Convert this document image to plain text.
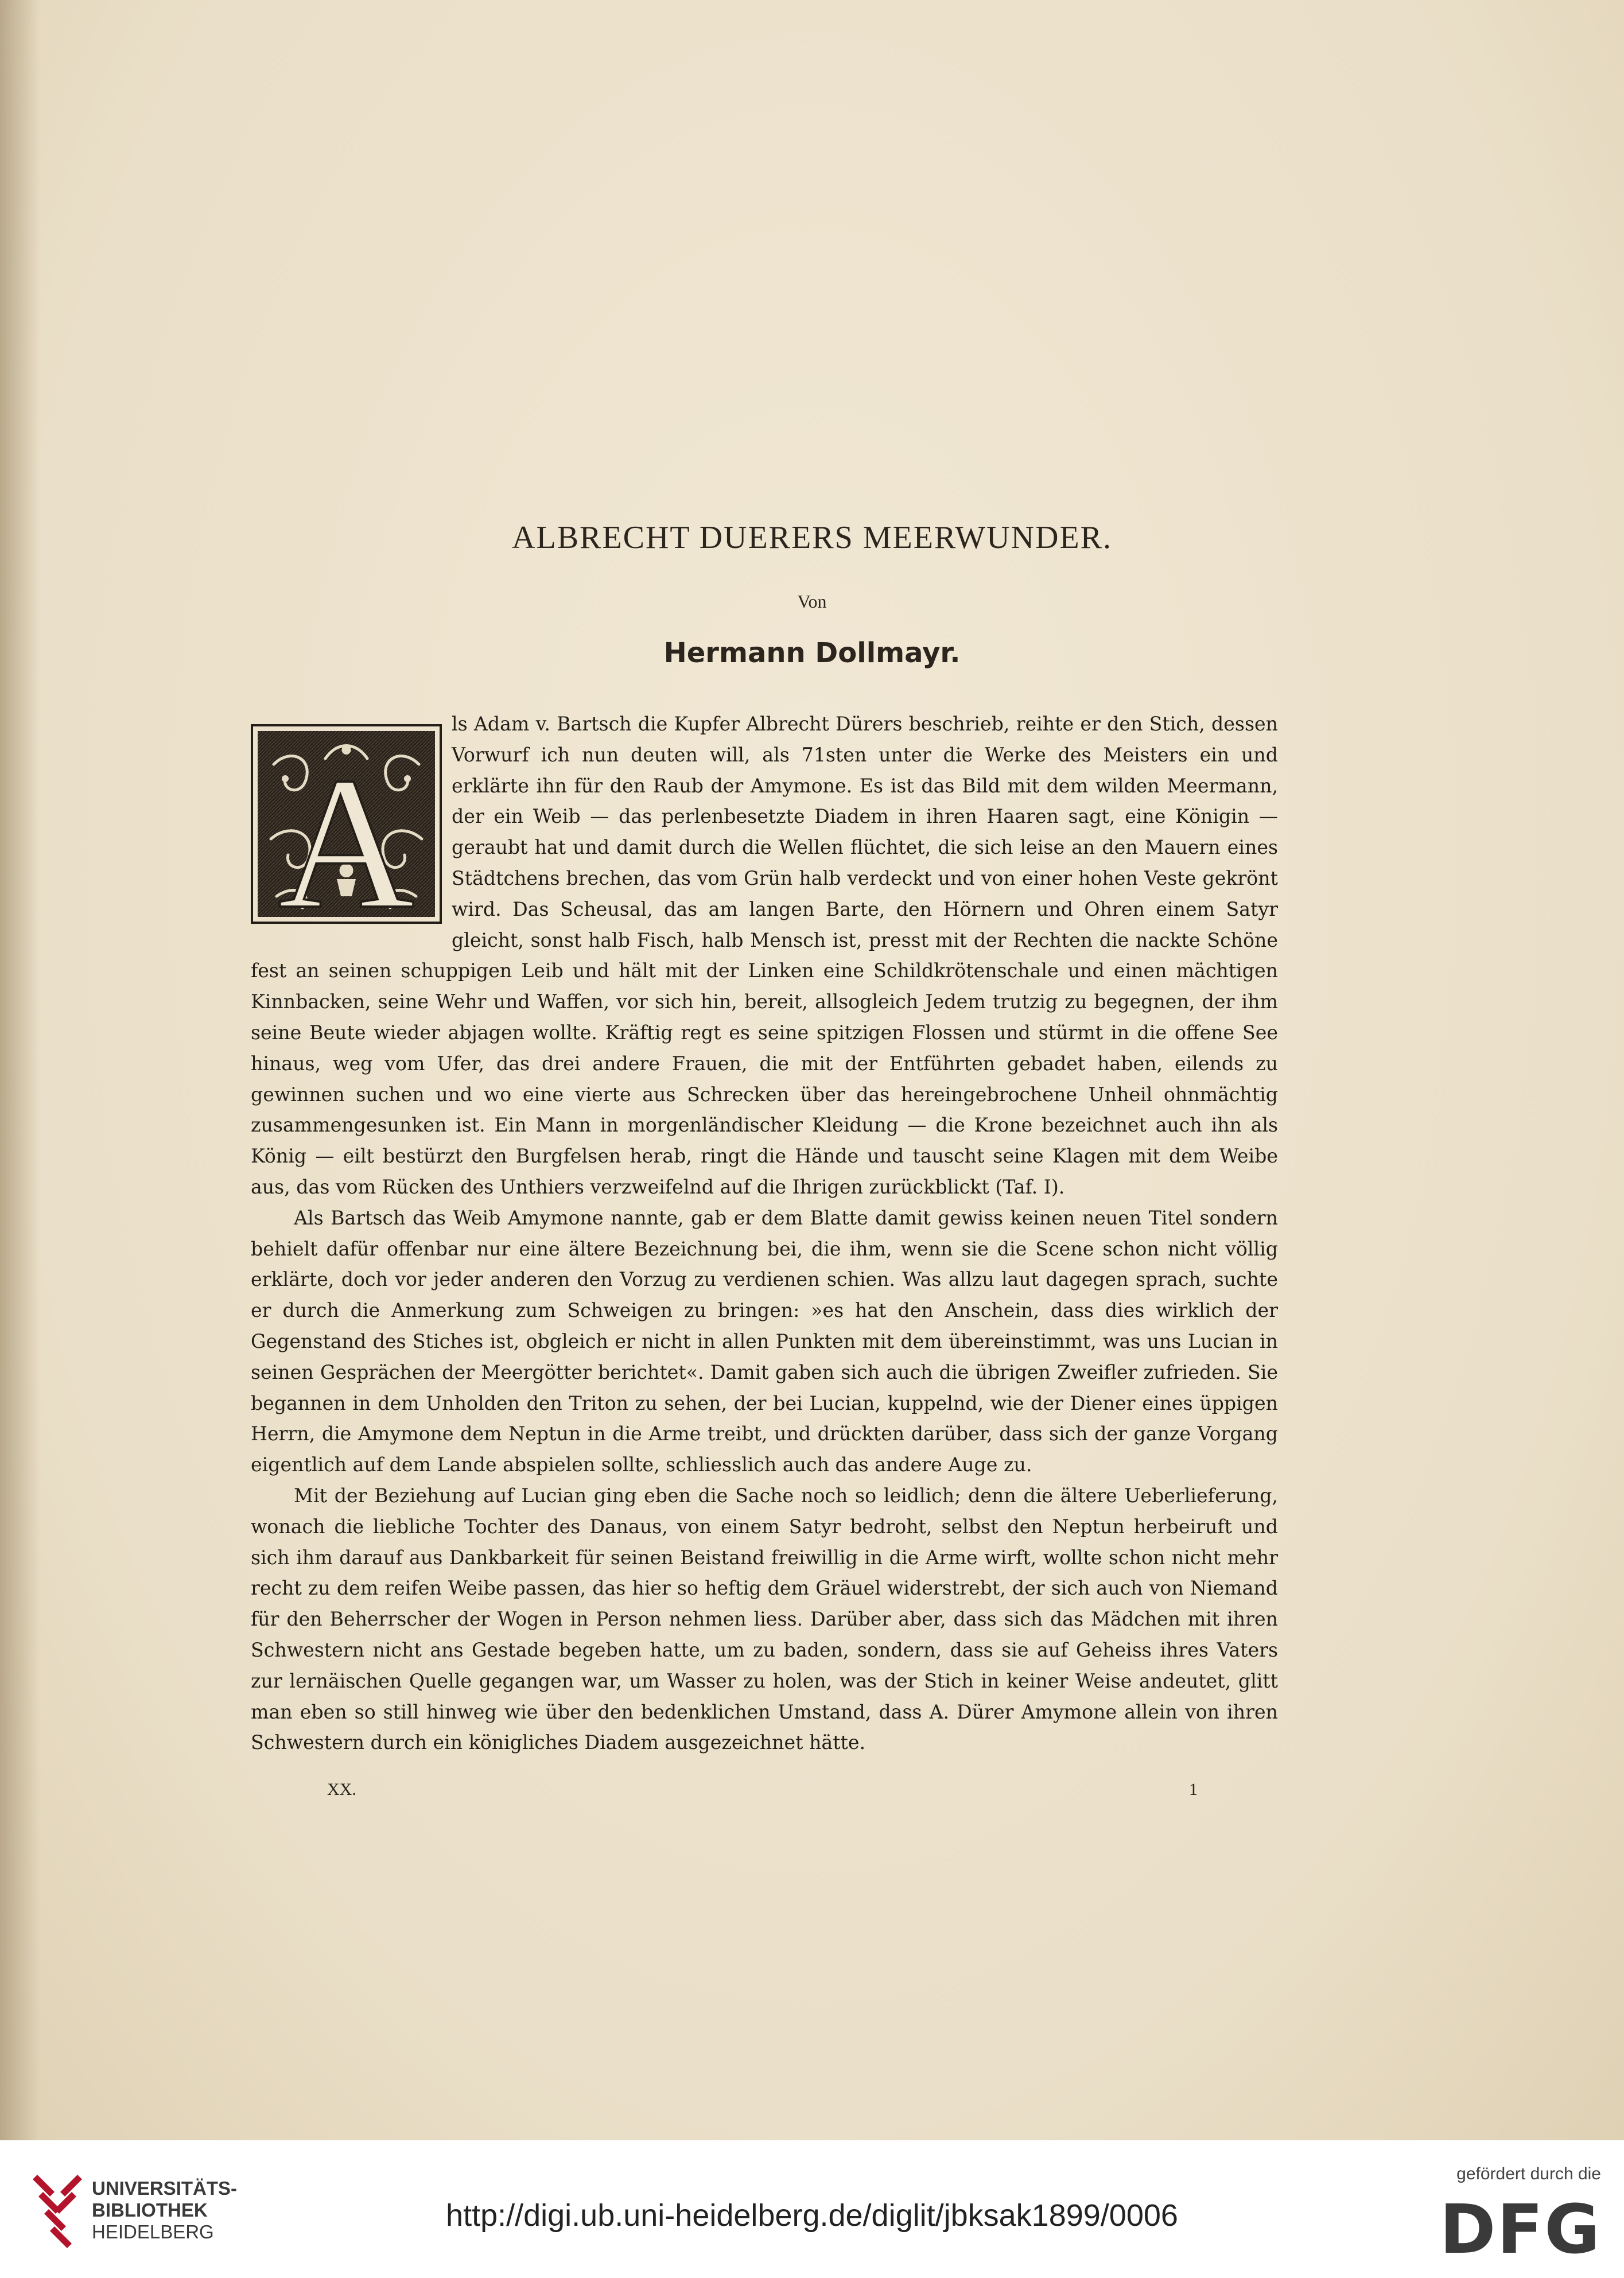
ALBRECHT DUERERS MEERWUNDER.
Von
Hermann Dollmayr.
A

ls Adam v. Bartsch die Kupfer Albrecht Dürers beschrieb, reihte er den Stich, dessen Vorwurf ich nun deuten will, als 71sten unter die Werke des Meisters ein und erklärte ihn für den Raub der Amymone. Es ist das Bild mit dem wilden Meermann, der ein Weib — das perlenbesetzte Diadem in ihren Haaren sagt, eine Königin — geraubt hat und damit durch die Wellen flüchtet, die sich leise an den Mauern eines Städtchens brechen, das vom Grün halb verdeckt und von einer hohen Veste gekrönt wird. Das Scheusal, das am langen Barte, den Hörnern und Ohren einem Satyr gleicht, sonst halb Fisch, halb Mensch ist, presst mit der Rechten die nackte Schöne fest an seinen schuppigen Leib und hält mit der Linken eine Schildkrötenschale und einen mächtigen Kinnbacken, seine Wehr und Waffen, vor sich hin, bereit, allsogleich Jedem trutzig zu begegnen, der ihm seine Beute wieder abjagen wollte. Kräftig regt es seine spitzigen Flossen und stürmt in die offene See hinaus, weg vom Ufer, das drei andere Frauen, die mit der Entführten gebadet haben, eilends zu gewinnen suchen und wo eine vierte aus Schrecken über das hereingebrochene Unheil ohnmächtig zusammengesunken ist. Ein Mann in morgenländischer Kleidung — die Krone bezeichnet auch ihn als König — eilt bestürzt den Burgfelsen herab, ringt die Hände und tauscht seine Klagen mit dem Weibe aus, das vom Rücken des Unthiers verzweifelnd auf die Ihrigen zurückblickt (Taf. I).

Als Bartsch das Weib Amymone nannte, gab er dem Blatte damit gewiss keinen neuen Titel sondern behielt dafür offenbar nur eine ältere Bezeichnung bei, die ihm, wenn sie die Scene schon nicht völlig erklärte, doch vor jeder anderen den Vorzug zu verdienen schien. Was allzu laut dagegen sprach, suchte er durch die Anmerkung zum Schweigen zu bringen: »es hat den Anschein, dass dies wirklich der Gegenstand des Stiches ist, obgleich er nicht in allen Punkten mit dem übereinstimmt, was uns Lucian in seinen Gesprächen der Meergötter berichtet«. Damit gaben sich auch die übrigen Zweifler zufrieden. Sie begannen in dem Unholden den Triton zu sehen, der bei Lucian, kuppelnd, wie der Diener eines üppigen Herrn, die Amymone dem Neptun in die Arme treibt, und drückten darüber, dass sich der ganze Vorgang eigentlich auf dem Lande abspielen sollte, schliesslich auch das andere Auge zu.

Mit der Beziehung auf Lucian ging eben die Sache noch so leidlich; denn die ältere Ueberlieferung, wonach die liebliche Tochter des Danaus, von einem Satyr bedroht, selbst den Neptun herbeiruft und sich ihm darauf aus Dankbarkeit für seinen Beistand freiwillig in die Arme wirft, wollte schon nicht mehr recht zu dem reifen Weibe passen, das hier so heftig dem Gräuel widerstrebt, der sich auch von Niemand für den Beherrscher der Wogen in Person nehmen liess. Darüber aber, dass sich das Mädchen mit ihren Schwestern nicht ans Gestade begeben hatte, um zu baden, sondern, dass sie auf Geheiss ihres Vaters zur lernäischen Quelle gegangen war, um Wasser zu holen, was der Stich in keiner Weise andeutet, glitt man eben so still hinweg wie über den bedenklichen Umstand, dass A. Dürer Amymone allein von ihren Schwestern durch ein königliches Diadem ausgezeichnet hätte.

XX.	1
UNIVERSITÄTS-
BIBLIOTHEK
HEIDELBERG	http://digi.ub.uni-heidelberg.de/diglit/jbksak1899/0006
gefördert durch die
DFG
